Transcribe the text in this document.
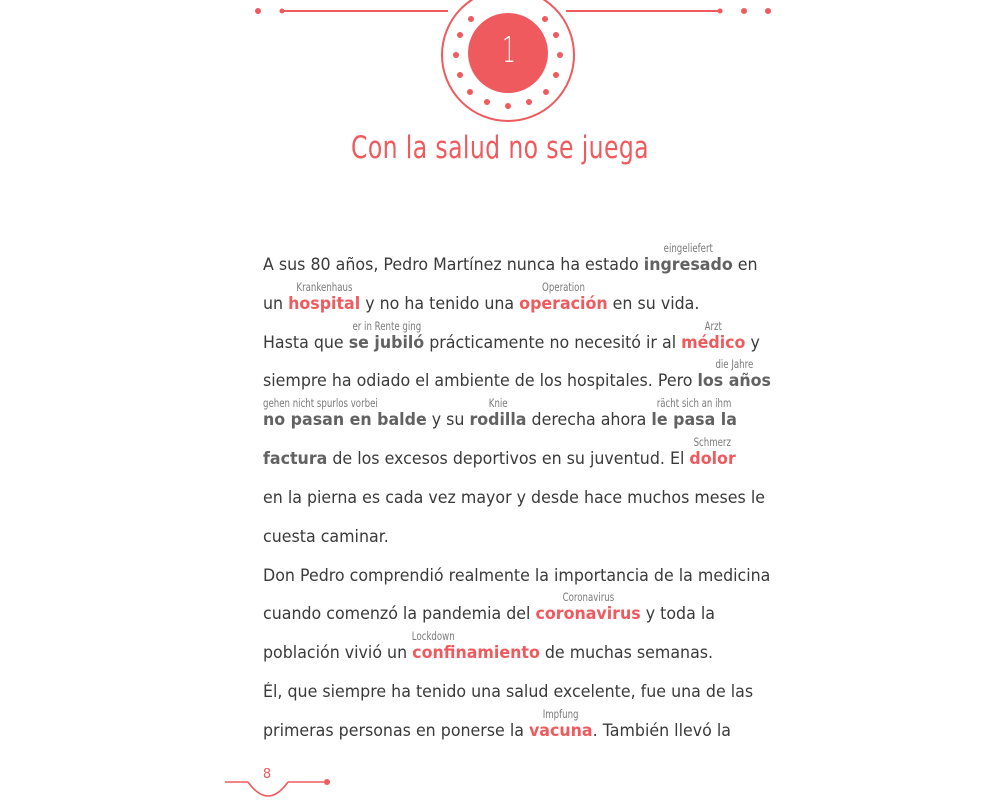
1
Con la salud no se juega
A sus 80 años, Pedro Martínez nunca ha estado
eingeliefert
ingresado en
un
Krankenhaus
hospital y no ha tenido una
Operation
operación en su vida.
Hasta que
er in Rente ging
se jubiló prácticamente no necesitó ir al
Arzt
médico y
siempre ha odiado el ambiente de los hospitales. Pero
die Jahre
los años
gehen nicht spurlos vorbei
no pasan en balde y su
Knie
rodilla derecha ahora
rächt sich an ihm
le pasa la
factura de los excesos deportivos en su juventud. El
Schmerz
dolor
en la pierna es cada vez mayor y desde hace muchos meses le
cuesta caminar.
Don Pedro comprendió realmente la importancia de la medicina
cuando comenzó la pandemia del
Coronavirus
coronavirus y toda la
población vivió un
Lockdown
confinamiento de muchas semanas.
Él, que siempre ha tenido una salud excelente, fue una de las
primeras personas en ponerse la
Impfung
vacuna. También llevó la
8
